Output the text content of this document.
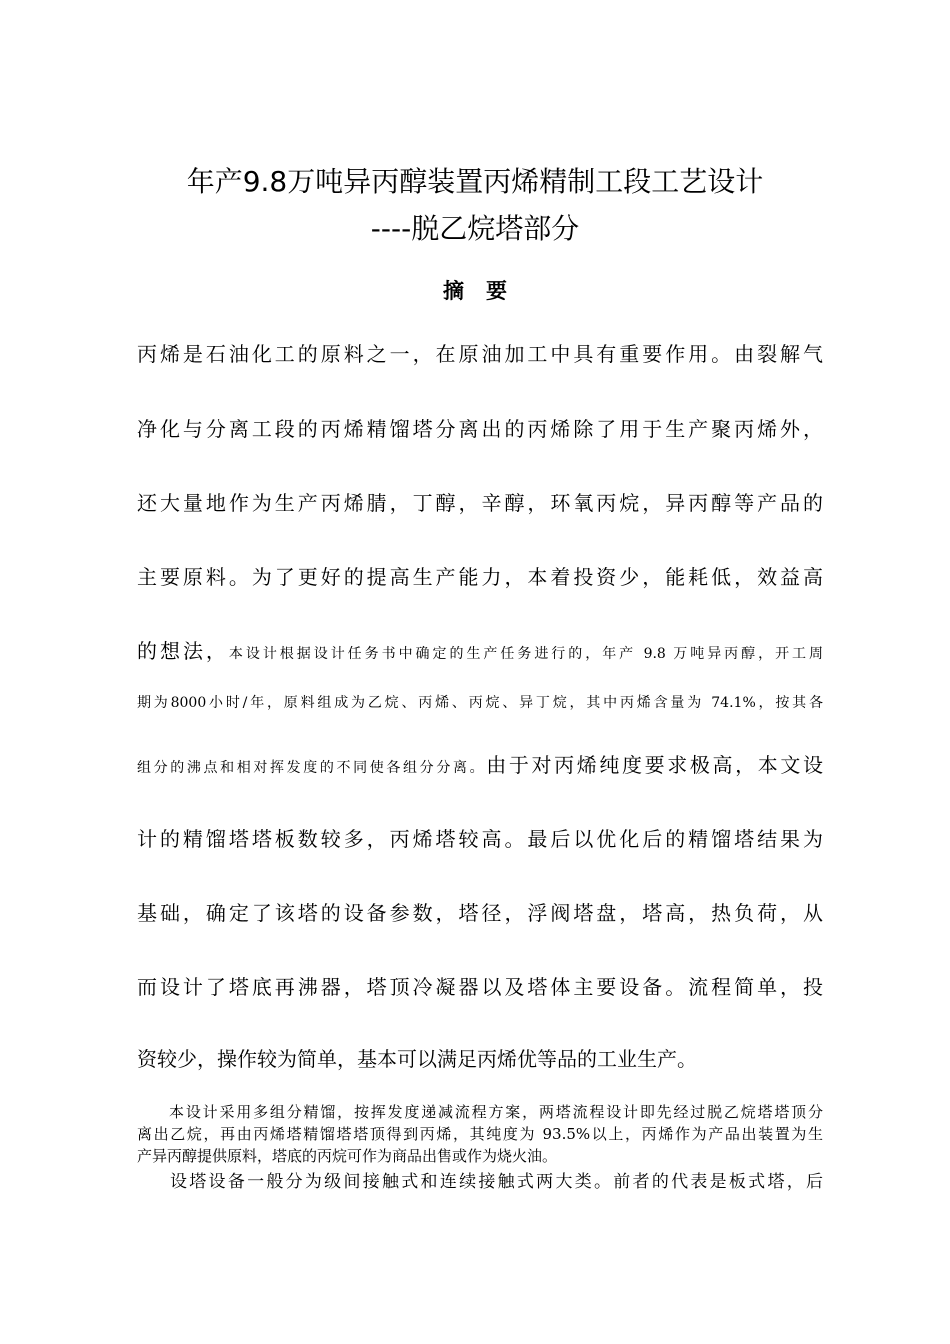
年产9.8万吨异丙醇装置丙烯精制工段工艺设计
----脱乙烷塔部分
摘要
丙烯是石油化工的原料之一，在原油加工中具有重要作用。由裂解气
净化与分离工段的丙烯精馏塔分离出的丙烯除了用于生产聚丙烯外，
还大量地作为生产丙烯腈，丁醇，辛醇，环氧丙烷，异丙醇等产品的
主要原料。为了更好的提高生产能力，本着投资少，能耗低，效益高
的想法，本设计根据设计任务书中确定的生产任务进行的，年产 9.8 万吨异丙醇，开工周
期为8000小时/年，原料组成为乙烷、丙烯、丙烷、异丁烷，其中丙烯含量为 74.1%，按其各
组分的沸点和相对挥发度的不同使各组分分离。由于对丙烯纯度要求极高，本文设
计的精馏塔塔板数较多，丙烯塔较高。最后以优化后的精馏塔结果为
基础，确定了该塔的设备参数，塔径，浮阀塔盘，塔高，热负荷，从
而设计了塔底再沸器，塔顶冷凝器以及塔体主要设备。流程简单，投
资较少，操作较为简单，基本可以满足丙烯优等品的工业生产。
本设计采用多组分精馏，按挥发度递减流程方案，两塔流程设计即先经过脱乙烷塔塔顶分
离出乙烷，再由丙烯塔精馏塔塔顶得到丙烯，其纯度为 93.5%以上，丙烯作为产品出装置为生
产异丙醇提供原料，塔底的丙烷可作为商品出售或作为烧火油。
设塔设备一般分为级间接触式和连续接触式两大类。前者的代表是板式塔，后
